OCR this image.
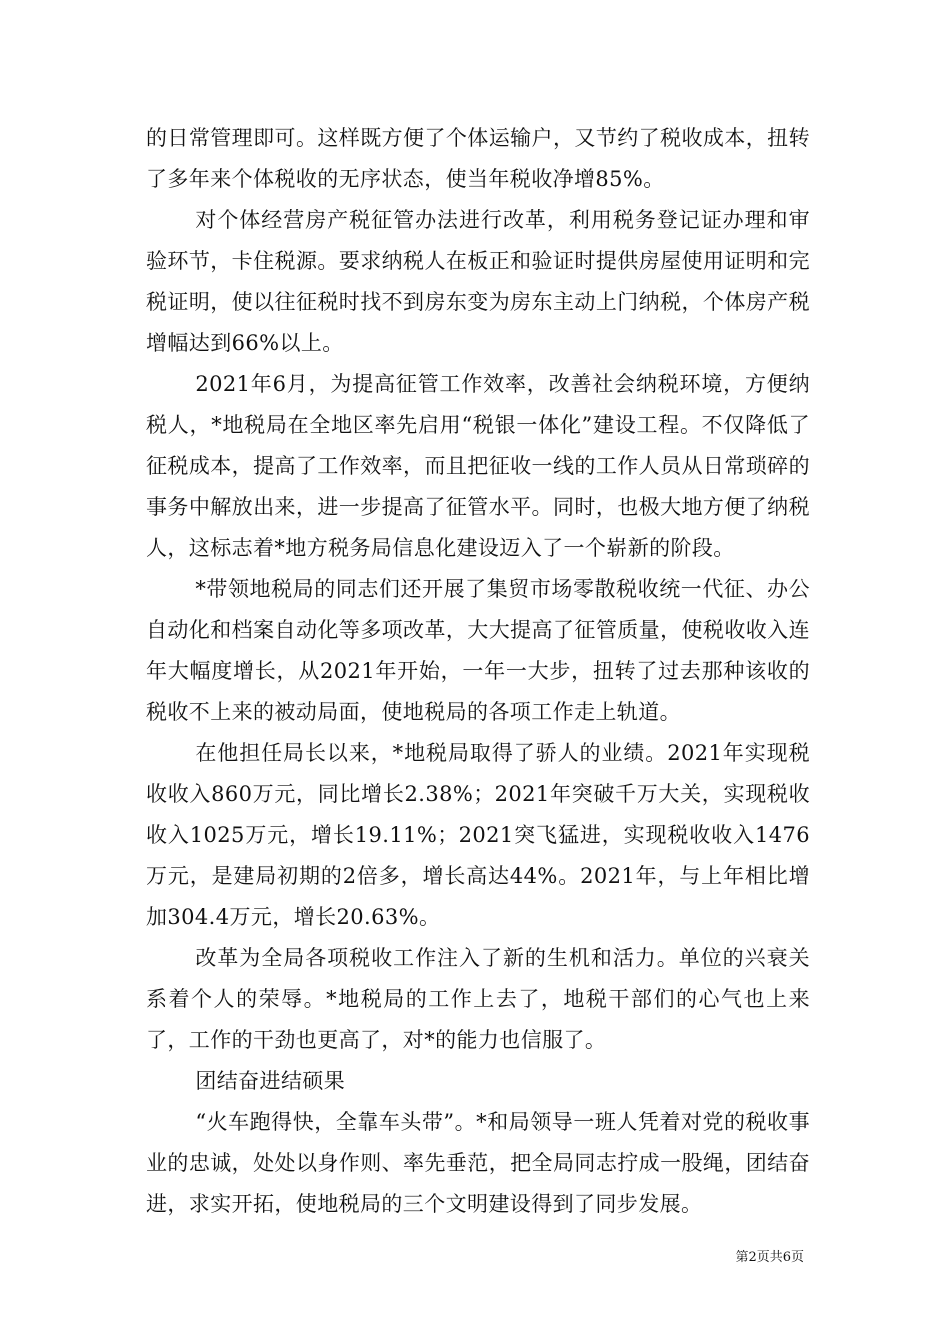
的日常管理即可。这样既方便了个体运输户，又节约了税收成本，扭转了多年来个体税收的无序状态，使当年税收净增85%。

对个体经营房产税征管办法进行改革，利用税务登记证办理和审验环节，卡住税源。要求纳税人在板正和验证时提供房屋使用证明和完税证明，使以往征税时找不到房东变为房东主动上门纳税，个体房产税增幅达到66%以上。

2021年6月，为提高征管工作效率，改善社会纳税环境，方便纳税人，*地税局在全地区率先启用“税银一体化”建设工程。不仅降低了征税成本，提高了工作效率，而且把征收一线的工作人员从日常琐碎的事务中解放出来，进一步提高了征管水平。同时，也极大地方便了纳税人，这标志着*地方税务局信息化建设迈入了一个崭新的阶段。

*带领地税局的同志们还开展了集贸市场零散税收统一代征、办公自动化和档案自动化等多项改革，大大提高了征管质量，使税收收入连年大幅度增长，从2021年开始，一年一大步，扭转了过去那种该收的税收不上来的被动局面，使地税局的各项工作走上轨道。

在他担任局长以来，*地税局取得了骄人的业绩。2021年实现税收收入860万元，同比增长2.38%；2021年突破千万大关，实现税收收入1025万元，增长19.11%；2021突飞猛进，实现税收收入1476万元，是建局初期的2倍多，增长高达44%。2021年，与上年相比增加304.4万元，增长20.63%。

改革为全局各项税收工作注入了新的生机和活力。单位的兴衰关系着个人的荣辱。*地税局的工作上去了，地税干部们的心气也上来了，工作的干劲也更高了，对*的能力也信服了。

团结奋进结硕果

“火车跑得快，全靠车头带”。*和局领导一班人凭着对党的税收事业的忠诚，处处以身作则、率先垂范，把全局同志拧成一股绳，团结奋进，求实开拓，使地税局的三个文明建设得到了同步发展。

第2页共6页
